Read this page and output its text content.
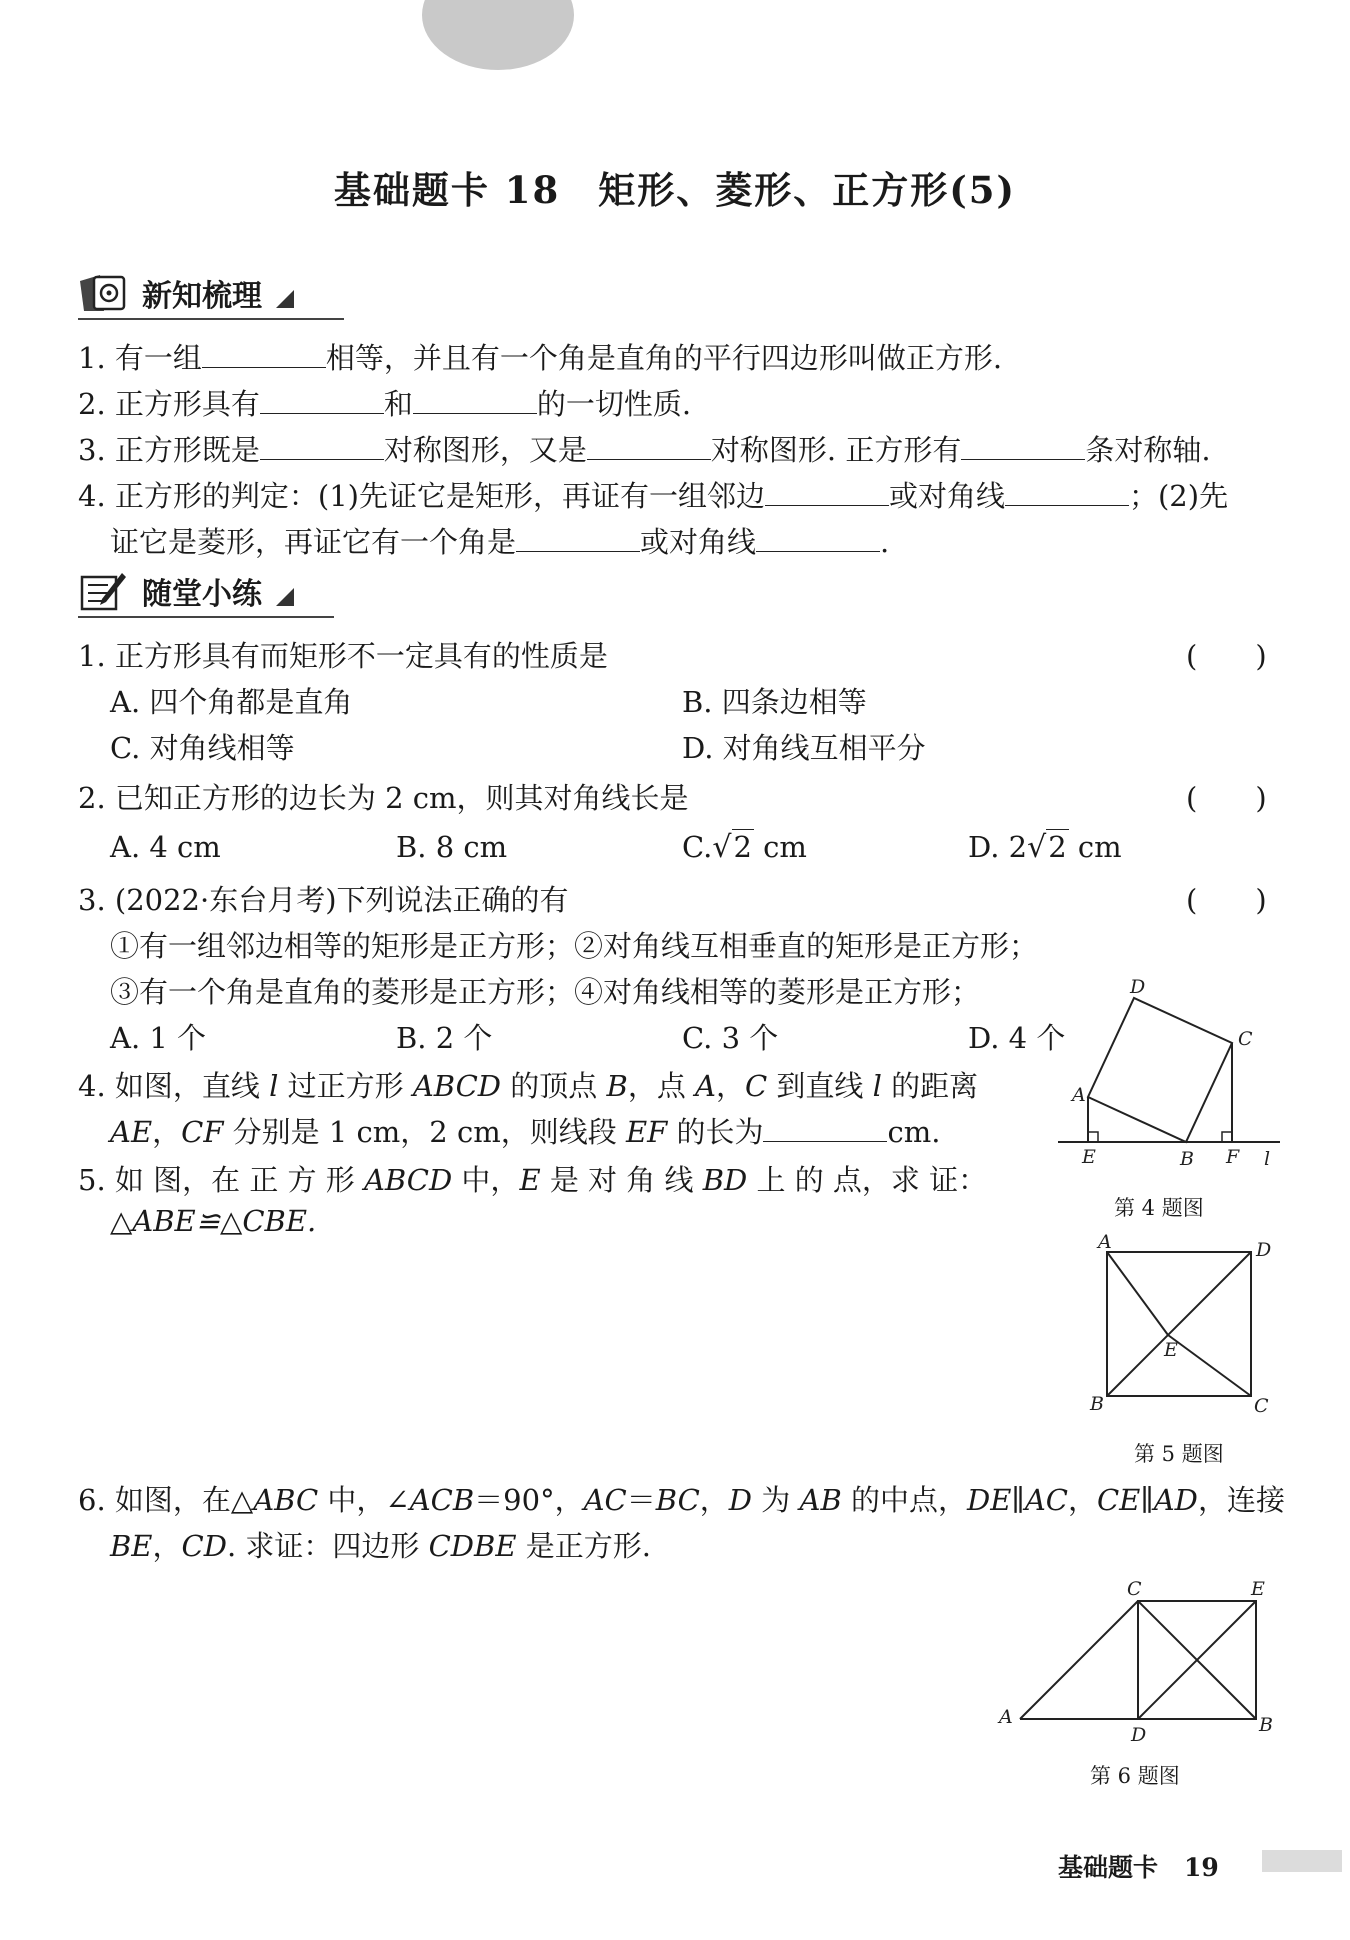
基础题卡 18 矩形、菱形、正方形(5)
新知梳理
1. 有一组	相等，并且有一个角是直角的平行四边形叫做正方形.
2. 正方形具有	和	的一切性质.
3. 正方形既是	对称图形，又是	对称图形. 正方形有	条对称轴.
4. 正方形的判定：(1)先证它是矩形，再证有一组邻边	或对角线	；(2)先
证它是菱形，再证它有一个角是	或对角线	.
随堂小练
1. 正方形具有而矩形不一定具有的性质是	(　　)
A. 四个角都是直角	B. 四条边相等
C. 对角线相等	D. 对角线互相平分
2. 已知正方形的边长为 2 cm，则其对角线长是	(　　)
A. 4 cm	B. 8 cm	C.√2 cm	D. 2√2 cm
3. (2022·东台月考)下列说法正确的有	(　　)
①有一组邻边相等的矩形是正方形；②对角线互相垂直的矩形是正方形；
③有一个角是直角的菱形是正方形；④对角线相等的菱形是正方形；
A. 1 个	B. 2 个	C. 3 个	D. 4 个
4. 如图，直线 l 过正方形 ABCD 的顶点 B，点 A，C 到直线 l 的距离
AE，CF 分别是 1 cm，2 cm，则线段 EF 的长为	cm.
5. 如 图，在 正 方 形 ABCD 中，E 是 对 角 线 BD 上 的 点，求 证：
△ABE≌△CBE.
6. 如图，在△ABC 中，∠ACB＝90°，AC＝BC，D 为 AB 的中点，DE∥AC，CE∥AD，连接
BE，CD. 求证：四边形 CDBE 是正方形.
D
C
A
E	B F l
第 4 题图
A	D
E
B	C
第 5 题图
C	E
A
D	B
第 6 题图
基础题卡 19
